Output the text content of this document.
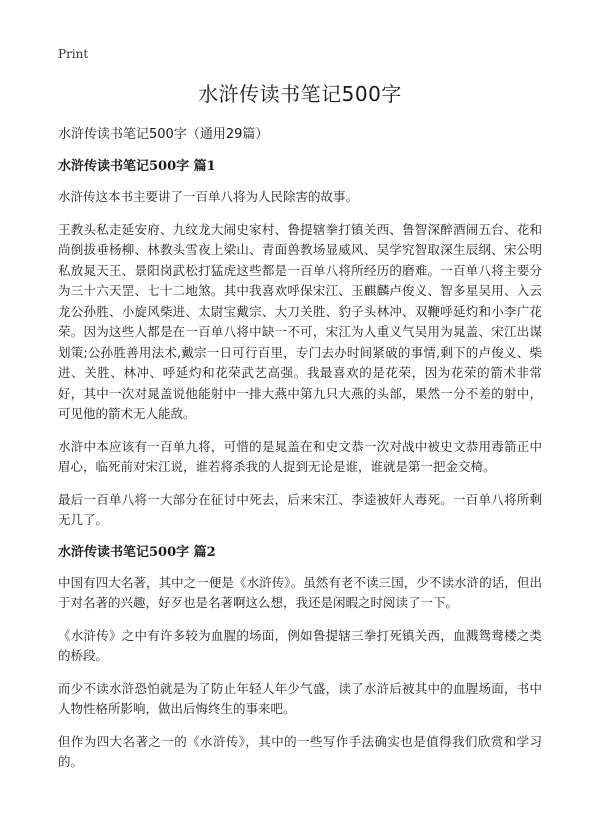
Print
水浒传读书笔记500字

水浒传读书笔记500字（通用29篇）

水浒传读书笔记500字 篇1

水浒传这本书主要讲了一百单八将为人民除害的故事。

王教头私走延安府、九纹龙大闹史家村、鲁提辖拳打镇关西、鲁智深醉酒闹五台、花和尚倒拔垂杨柳、林教头雪夜上梁山、青面兽教场显威风、吴学究智取深生辰纲、宋公明私放晁天王、景阳岗武松打猛虎这些都是一百单八将所经历的磨难。一百单八将主要分为三十六天罡、七十二地煞。其中我喜欢呼保宋江、玉麒麟卢俊义、智多星吴用、入云龙公孙胜、小旋风柴进、太尉宝戴宗、大刀关胜、豹子头林冲、双鞭呼延灼和小李广花荣。因为这些人都是在一百单八将中缺一不可，宋江为人重义气吴用为晁盖、宋江出谋划策;公孙胜善用法术,戴宗一日可行百里，专门去办时间紧破的事情,剩下的卢俊义、柴进、关胜、林冲、呼延灼和花荣武艺高强。我最喜欢的是花荣，因为花荣的箭术非常好，其中一次对晁盖说他能射中一排大燕中第九只大燕的头部，果然一分不差的射中，可见他的箭术无人能敌。

水浒中本应该有一百单九将，可惜的是晁盖在和史文恭一次对战中被史文恭用毒箭正中眉心，临死前对宋江说，谁若将杀我的人捉到无论是谁，谁就是第一把金交椅。

最后一百单八将一大部分在征讨中死去，后来宋江、李逵被奸人毒死。一百单八将所剩无几了。

水浒传读书笔记500字 篇2

中国有四大名著，其中之一便是《水浒传》。虽然有老不读三国，少不读水浒的话，但出于对名著的兴趣，好歹也是名著啊这么想，我还是闲暇之时阅读了一下。

《水浒传》之中有许多较为血腥的场面，例如鲁提辖三拳打死镇关西，血溅鸳鸯楼之类的桥段。

而少不读水浒恐怕就是为了防止年轻人年少气盛，读了水浒后被其中的血腥场面，书中人物性格所影响，做出后悔终生的事来吧。

但作为四大名著之一的《水浒传》，其中的一些写作手法确实也是值得我们欣赏和学习的。
